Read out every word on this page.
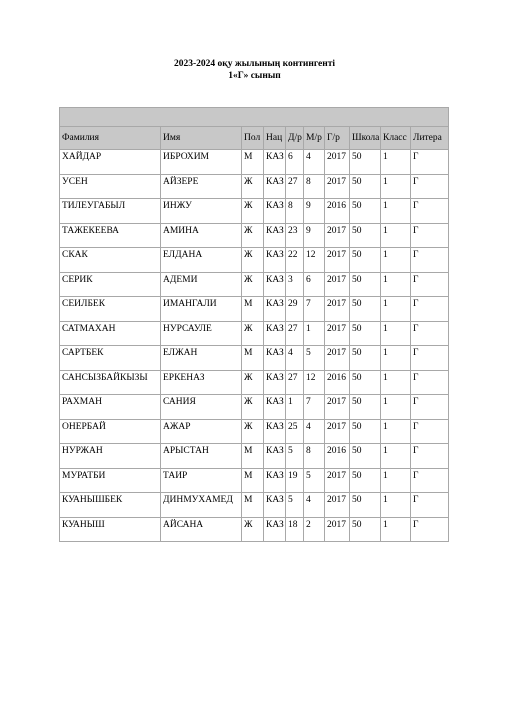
2023-2024 оқу жылының контингенті
1«Г» сынып

Фамилия	Имя	Пол	Нац	Д/р	М/р	Г/р	Школа	Класс	Литера
ХАЙДАР	ИБРОХИМ	М	КАЗ	6	4	2017	50	1	Г
УСЕН	АЙЗЕРЕ	Ж	КАЗ	27	8	2017	50	1	Г
ТИЛЕУГАБЫЛ	ИНЖУ	Ж	КАЗ	8	9	2016	50	1	Г
ТАЖЕКЕЕВА	АМИНА	Ж	КАЗ	23	9	2017	50	1	Г
СКАК	ЕЛДАНА	Ж	КАЗ	22	12	2017	50	1	Г
СЕРИК	АДЕМИ	Ж	КАЗ	3	6	2017	50	1	Г
СЕИЛБЕК	ИМАНГАЛИ	М	КАЗ	29	7	2017	50	1	Г
САТМАХАН	НУРСАУЛЕ	Ж	КАЗ	27	1	2017	50	1	Г
САРТБЕК	ЕЛЖАН	М	КАЗ	4	5	2017	50	1	Г
САНСЫЗБАЙКЫЗЫ	ЕРКЕНАЗ	Ж	КАЗ	27	12	2016	50	1	Г
РАХМАН	САНИЯ	Ж	КАЗ	1	7	2017	50	1	Г
ОНЕРБАЙ	АЖАР	Ж	КАЗ	25	4	2017	50	1	Г
НУРЖАН	АРЫСТАН	М	КАЗ	5	8	2016	50	1	Г
МУРАТБИ	ТАИР	М	КАЗ	19	5	2017	50	1	Г
КУАНЫШБЕК	ДИНМУХАМЕД	М	КАЗ	5	4	2017	50	1	Г
КУАНЫШ	АЙСАНА	Ж	КАЗ	18	2	2017	50	1	Г
